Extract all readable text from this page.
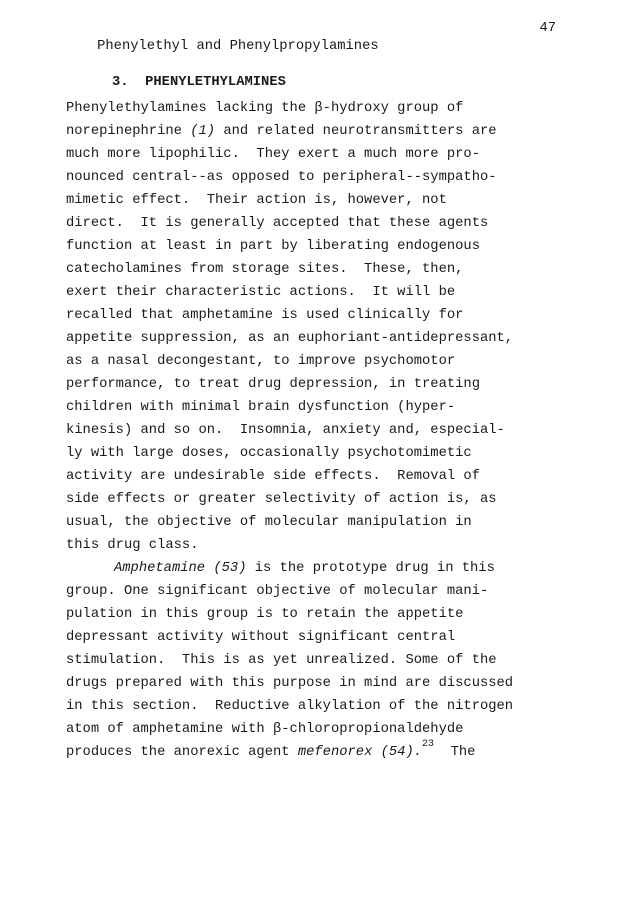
Phenylethyl and Phenylpropylamines

47

3. PHENYLETHYLAMINES
Phenylethylamines lacking the β-hydroxy group of
norepinephrine (1) and related neurotransmitters are
much more lipophilic.  They exert a much more pro-
nounced central--as opposed to peripheral--sympatho-
mimetic effect.  Their action is, however, not
direct.  It is generally accepted that these agents
function at least in part by liberating endogenous
catecholamines from storage sites.  These, then,
exert their characteristic actions.  It will be
recalled that amphetamine is used clinically for
appetite suppression, as an euphoriant-antidepressant,
as a nasal decongestant, to improve psychomotor
performance, to treat drug depression, in treating
children with minimal brain dysfunction (hyper-
kinesis) and so on.  Insomnia, anxiety and, especial-
ly with large doses, occasionally psychotomimetic
activity are undesirable side effects.  Removal of
side effects or greater selectivity of action is, as
usual, the objective of molecular manipulation in
this drug class.
Amphetamine (53) is the prototype drug in this
group. One significant objective of molecular mani-
pulation in this group is to retain the appetite
depressant activity without significant central
stimulation.  This is as yet unrealized. Some of the
drugs prepared with this purpose in mind are discussed
in this section.  Reductive alkylation of the nitrogen
atom of amphetamine with β-chloropropionaldehyde
produces the anorexic agent mefenorex (54).$^{23}$  The
